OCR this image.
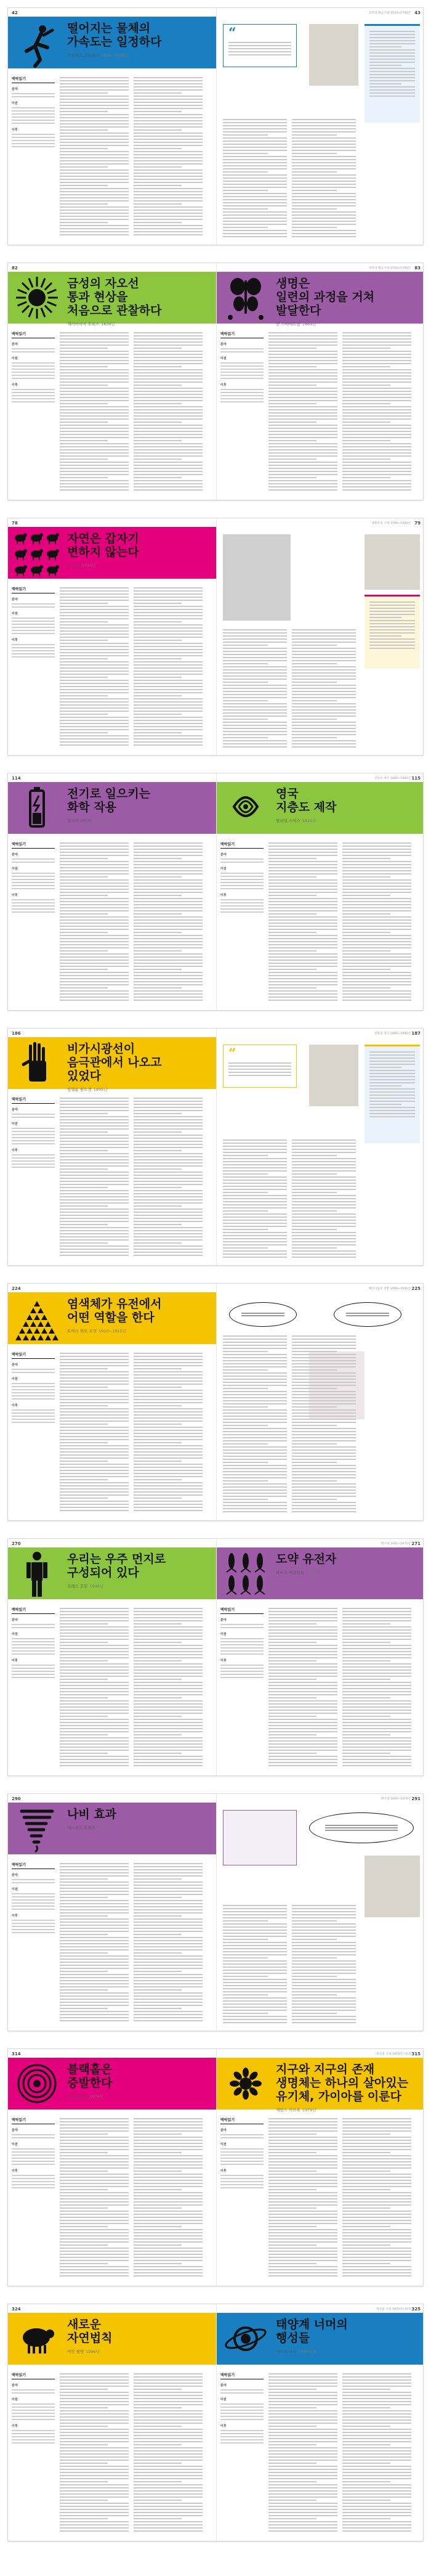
42
떨어지는 물체의
가속도는 일정하다
갈릴레오 갈릴레이 1604~1608년
맥락읽기
분야
이전
이후
43
과학의 황금시대 1543~1700년
“
82
금성의 자오선
통과 현상을
처음으로 관찰하다
제러마이아 호록스 1639년
맥락읽기
분야
이전
이후
83
과학의 황금시대 1543~1700년
생명은
일련의 과정을 거쳐
발달한다
얀 스바메르담 1669년
맥락읽기
분야
이전
이후
78
자연은 갑자기
변하지 않는다
칼 린네 1735년
맥락읽기
분야
이전
이후
79
계몽주의 시대 1700~1800년
114
전기로 일으키는
화학 작용
험프리 데이비 1807년
맥락읽기
분야
이전
이후
115
진보의 세기 1800~1900년
영국
지층도 제작
윌리엄 스미스 1815년
맥락읽기
분야
이전
이후
186
비가시광선이
음극관에서 나오고
있었다
빌헬름 뢴트겐 1895년
맥락읽기
분야
이전
이후
187
진보의 세기 1800~1900년
“
224
염색체가 유전에서
어떤 역할을 한다
토머스 헌트 모건 1910~1915년
맥락읽기
분야
이전
이후
225
패러다임의 전환 1900~1945년
270
우리는 우주 먼지로
구성되어 있다
프레드 호일 1946년
맥락읽기
분야
이전
이후
271
핵시대 1945~1975년
도약 유전자
바버라 매클린톡 1948년
맥락읽기
분야
이전
이후
290
나비 효과
에드워드 로렌츠 1963년
맥락읽기
분야
이전
이후
291
핵시대 1945~1975년
314
블랙홀은
증발한다
스티븐 호킹 1974년
맥락읽기
분야
이전
이후
315
혁신의 시대 1975년~현재
지구와 지구의 존재
생명체는 하나의 살아있는
유기체, 가이아를 이룬다
제임스 러브록 1979년
맥락읽기
분야
이전
이후
324
새로운
자연법칙
이언 윌멋 1996년
맥락읽기
분야
이전
이후
325
혁신의 시대 1975년~현재
태양계 너머의
행성들
제프리 마시 1990년대
맥락읽기
분야
이전
이후
